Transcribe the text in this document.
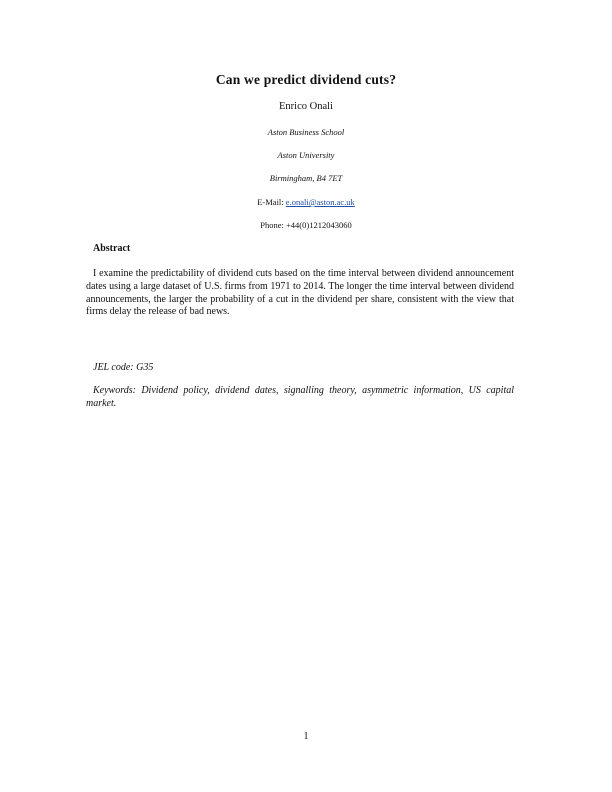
Can we predict dividend cuts?
Enrico Onali
Aston Business School
Aston University
Birmingham, B4 7ET
E-Mail: e.onali@aston.ac.uk
Phone: +44(0)1212043060
Abstract
I examine the predictability of dividend cuts based on the time interval between dividend announcement dates using a large dataset of U.S. firms from 1971 to 2014. The longer the time interval between dividend announcements, the larger the probability of a cut in the dividend per share, consistent with the view that firms delay the release of bad news.
JEL code: G35
Keywords: Dividend policy, dividend dates, signalling theory, asymmetric information, US capital market.
1
